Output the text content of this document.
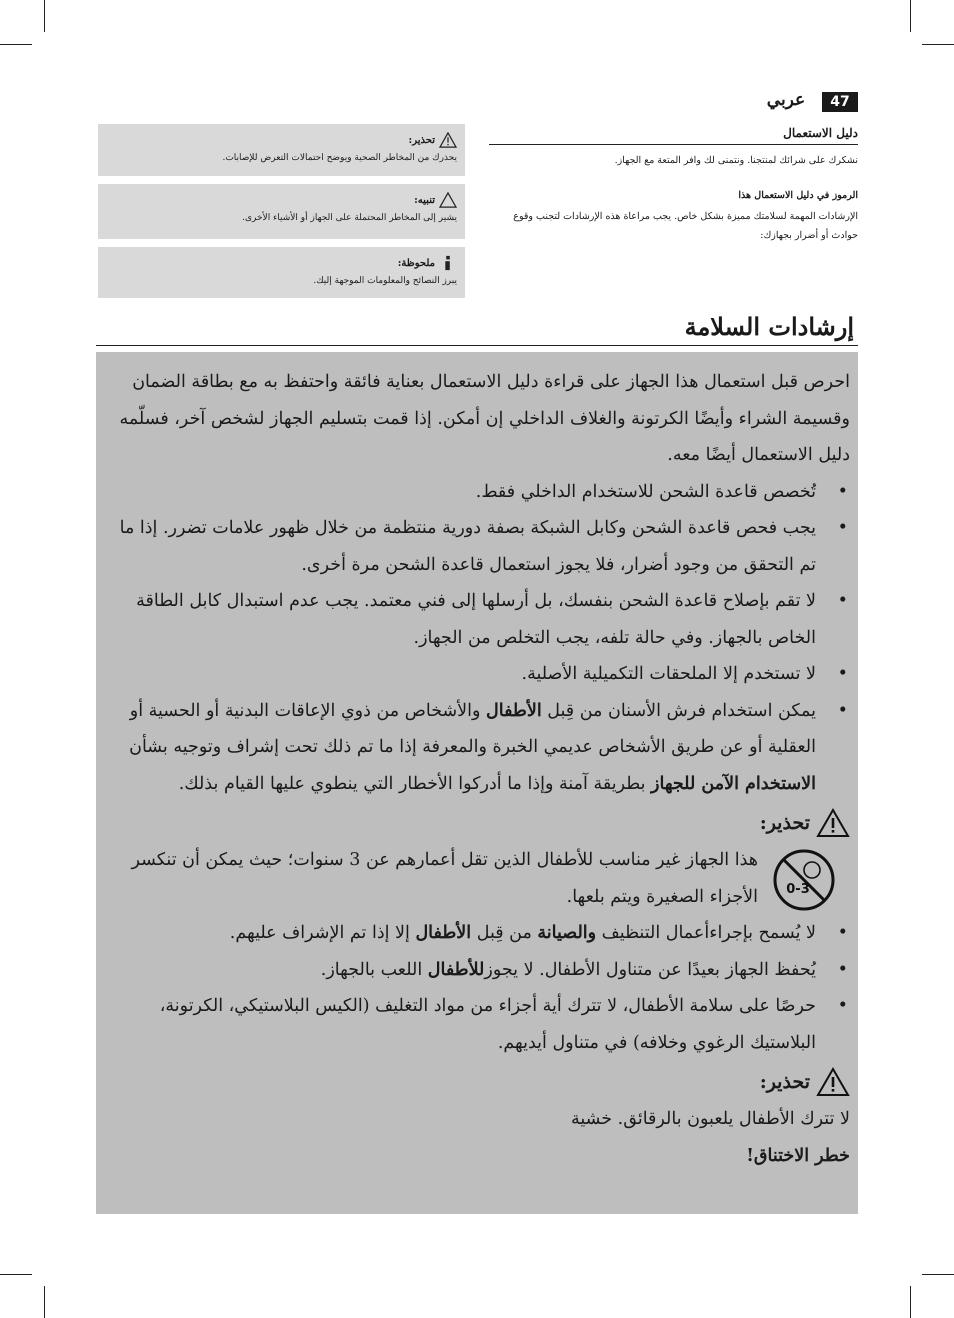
47
عربي
دليل الاستعمال

نشكرك على شرائك لمنتجنا. ونتمنى لك وافر المتعة مع الجهاز.

الرموز في دليل الاستعمال هذا

الإرشادات المهمة لسلامتك مميزة بشكل خاص. يجب مراعاة هذه الإرشادات لتجنب وقوع حوادث أو أضرار بجهازك:

تحذير:
يحذرك من المخاطر الصحية ويوضح احتمالات التعرض للإصابات.
تنبيه:
يشير إلى المخاطر المحتملة على الجهاز أو الأشياء الأخرى.
ملحوظة:
يبرز النصائح والمعلومات الموجهة إليك.
إرشادات السلامة

احرص قبل استعمال هذا الجهاز على قراءة دليل الاستعمال بعناية فائقة واحتفظ به مع بطاقة الضمان وقسيمة الشراء وأيضًا الكرتونة والغلاف الداخلي إن أمكن. إذا قمت بتسليم الجهاز لشخص آخر، فسلّمه دليل الاستعمال أيضًا معه.

• تُخصص قاعدة الشحن للاستخدام الداخلي فقط.
• يجب فحص قاعدة الشحن وكابل الشبكة بصفة دورية منتظمة من خلال ظهور علامات تضرر. إذا ما تم التحقق من وجود أضرار، فلا يجوز استعمال قاعدة الشحن مرة أخرى.
• لا تقم بإصلاح قاعدة الشحن بنفسك، بل أرسلها إلى فني معتمد. يجب عدم استبدال كابل الطاقة الخاص بالجهاز. وفي حالة تلفه، يجب التخلص من الجهاز.
• لا تستخدم إلا الملحقات التكميلية الأصلية.
• يمكن استخدام فرش الأسنان من قِبل الأطفال والأشخاص من ذوي الإعاقات البدنية أو الحسية أو العقلية أو عن طريق الأشخاص عديمي الخبرة والمعرفة إذا ما تم ذلك تحت إشراف وتوجيه بشأن الاستخدام الآمن للجهاز بطريقة آمنة وإذا ما أدركوا الأخطار التي ينطوي عليها القيام بذلك.
تحذير:
0-3
هذا الجهاز غير مناسب للأطفال الذين تقل أعمارهم عن 3 سنوات؛ حيث يمكن أن تنكسر الأجزاء الصغيرة ويتم بلعها.
• لا يُسمح بإجراءأعمال التنظيف والصيانة من قِبل الأطفال إلا إذا تم الإشراف عليهم.
• يُحفظ الجهاز بعيدًا عن متناول الأطفال. لا يجوزللأطفال اللعب بالجهاز.
• حرصًا على سلامة الأطفال، لا تترك أية أجزاء من مواد التغليف (الكيس البلاستيكي، الكرتونة، البلاستيك الرغوي وخلافه) في متناول أيديهم.
تحذير:

لا تترك الأطفال يلعبون بالرقائق. خشية

خطر الاختناق!
